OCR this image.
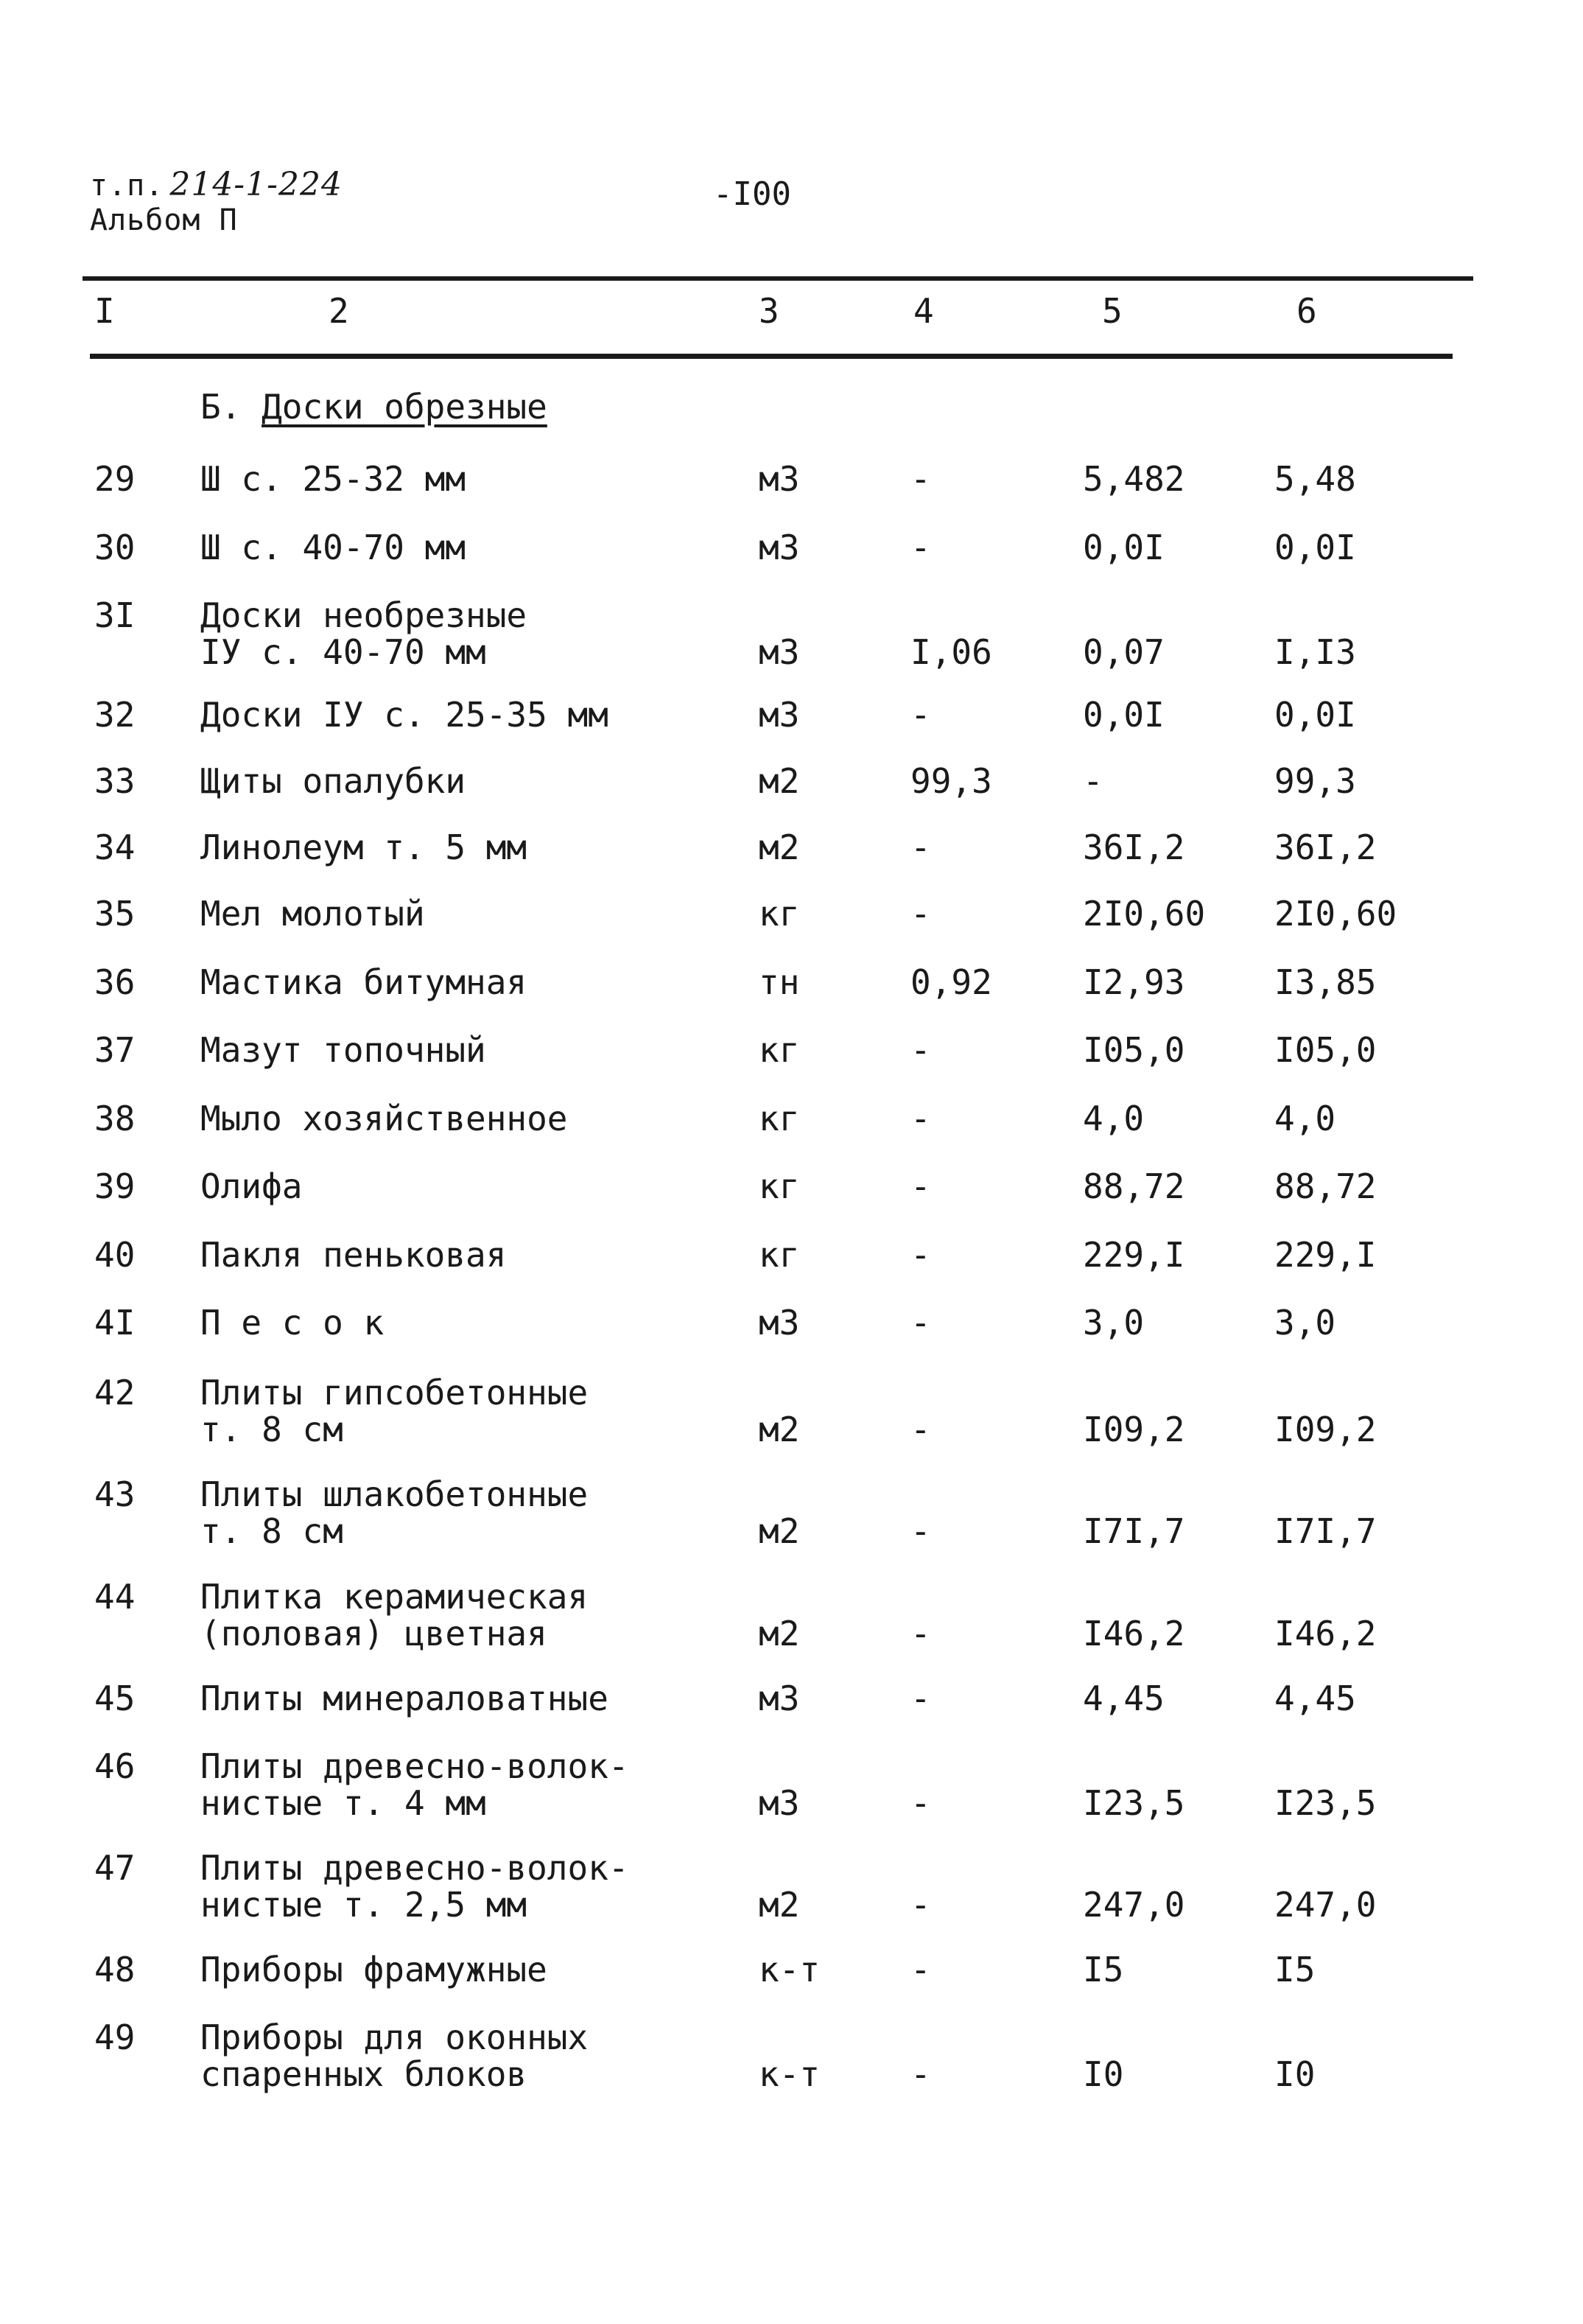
т.п. 214-1-224
Альбом П
-I00
I	2	3	4	5	6
Б. Доски обрезные
29 Ш с. 25-32 мм	м3	-	5,482	5,48
30 Ш с. 40-70 мм	м3	-	0,0I	0,0I
3I Доски необрезные
IУ с. 40-70 мм	м3	I,06	0,07	I,I3
32 Доски IУ с. 25-35 мм	м3	-	0,0I	0,0I
33 Щиты опалубки	м2	99,3	-	99,3
34 Линолеум т. 5 мм	м2	-	36I,2	36I,2
35 Мел молотый	кг	-	2I0,60 2I0,60
36 Мастика битумная	тн	0,92	I2,93	I3,85
37 Мазут топочный	кг	-	I05,0	I05,0
38 Мыло хозяйственное	кг	-	4,0	4,0
39 Олифа	кг	-	88,72	88,72
40 Пакля пеньковая	кг	-	229,I	229,I
4I П е с о к	м3	-	3,0	3,0
42 Плиты гипсобетонные
т. 8 см	м2	-	I09,2	I09,2
43 Плиты шлакобетонные
т. 8 см	м2	-	I7I,7	I7I,7
44 Плитка керамическая
(половая) цветная	м2	-	I46,2	I46,2
45 Плиты минераловатные	м3	-	4,45	4,45
46 Плиты древесно-волок-
нистые т. 4 мм	м3	-	I23,5	I23,5
47 Плиты древесно-волок-
нистые т. 2,5 мм	м2	-	247,0	247,0
48 Приборы фрамужные	к-т	-	I5	I5
49 Приборы для оконных
спаренных блоков	к-т	-	I0	I0
